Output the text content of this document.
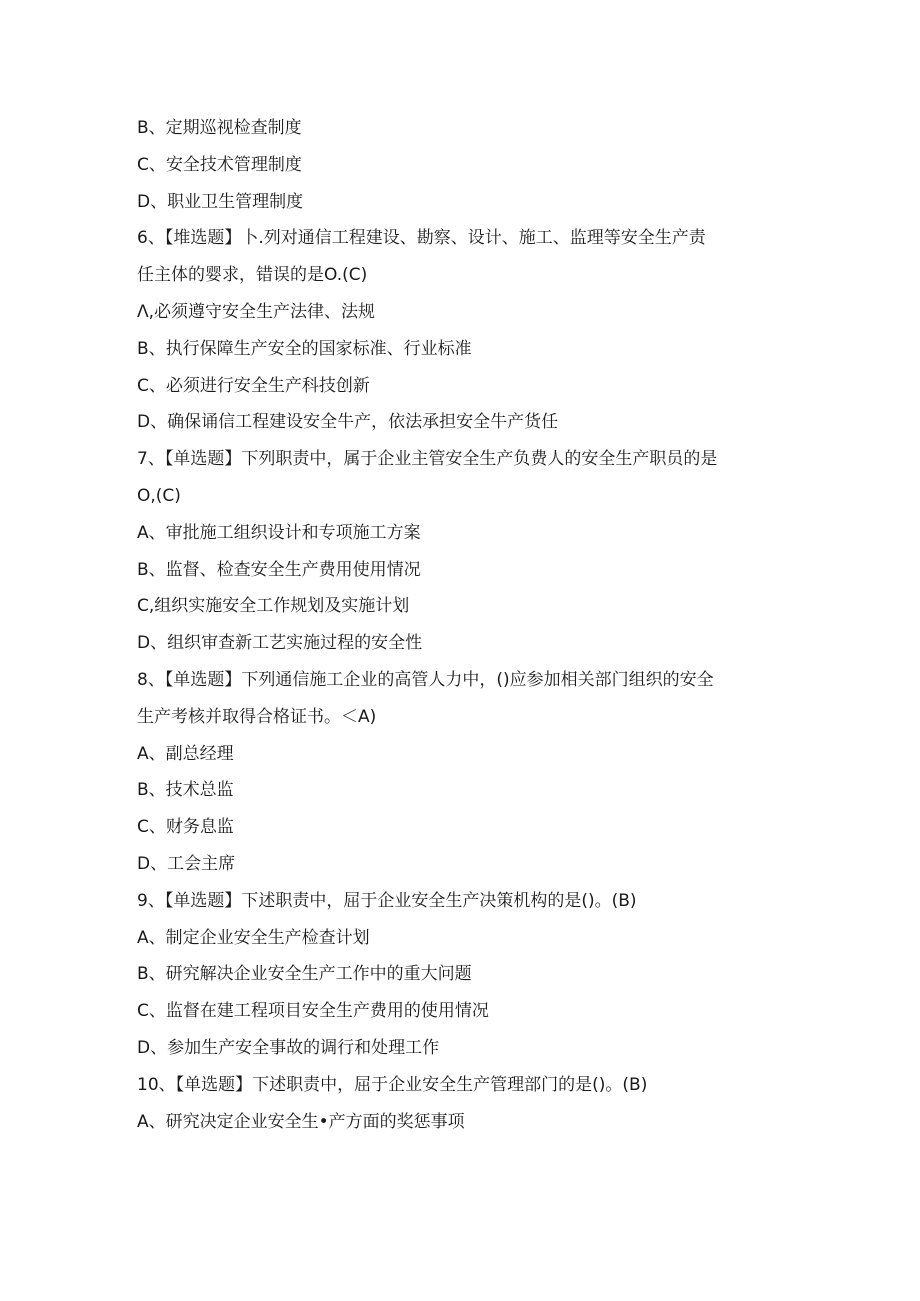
B、定期巡视检查制度
C、安全技术管理制度
D、职业卫生管理制度
6、【堆选题】卜.列对通信工程建设、勘察、设计、施工、监理等安全生产责
任主体的婴求，错误的是O.(C)
Λ,必须遵守安全生产法律、法规
B、执行保障生产安全的国家标准、行业标准
C、必须进行安全生产科技创新
D、确保诵信工程建设安全牛产，依法承担安全牛产货任
7、【单选题】下列职责中，属于企业主管安全生产负费人的安全生产职员的是
O,(C)
A、审批施工组织设计和专项施工方案
B、监督、检查安全生产费用使用情况
C,组织实施安全工作规划及实施计划
D、组织审查新工艺实施过程的安全性
8、【单选题】下列通信施工企业的高管人力中，()应参加相关部门组织的安全
生产考核并取得合格证书。＜A)
A、副总经理
B、技术总监
C、财务息监
D、工会主席
9、【单选题】下述职责中，屈于企业安全生产决策机构的是()。(B)
A、制定企业安全生产检查计划
B、研究解决企业安全生产工作中的重大问题
C、监督在建工程项目安全生产费用的使用情况
D、参加生产安全事故的调行和处理工作
10、【单选题】下述职责中，屈于企业安全生产管理部门的是()。(B)
A、研究决定企业安全生•产方面的奖惩事项
